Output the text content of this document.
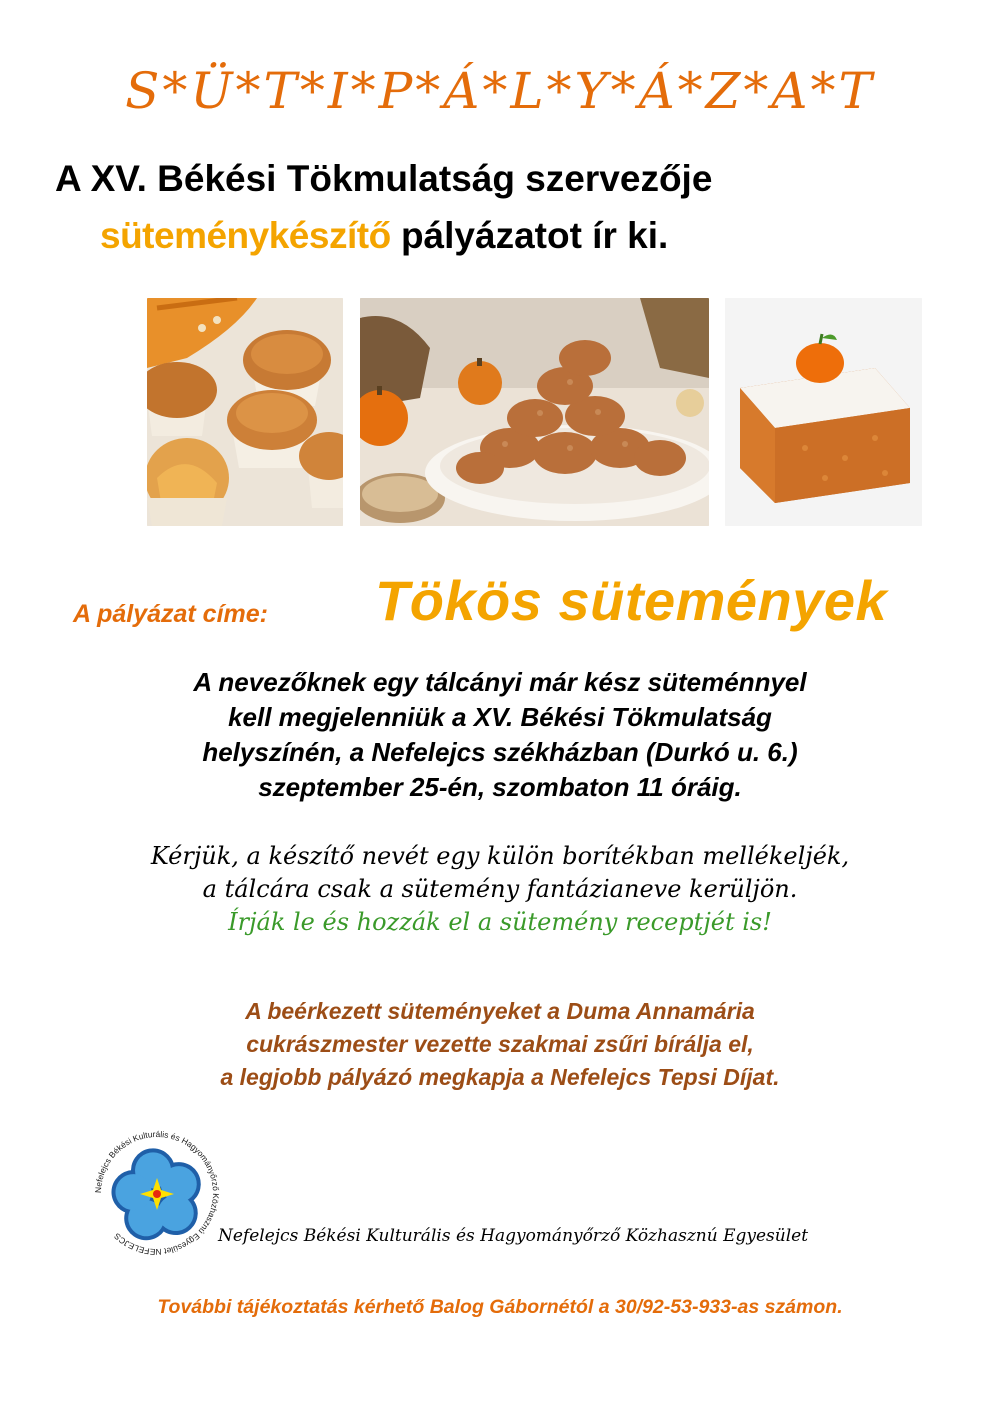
S*Ü*T*I*P*Á*L*Y*Á*Z*A*T
A XV. Békési Tökmulatság szervezője
süteménykészítő pályázatot ír ki.
A pályázat címe: Tökös sütemények
A nevezőknek egy tálcányi már kész süteménnyel
kell megjelenniük a XV. Békési Tökmulatság
helyszínén, a Nefelejcs székházban (Durkó u. 6.)
szeptember 25-én, szombaton 11 óráig.
Kérjük, a készítő nevét egy külön borítékban mellékeljék,
a tálcára csak a sütemény fantázianeve kerüljön.
Írják le és hozzák el a sütemény receptjét is!
A beérkezett süteményeket a Duma Annamária
cukrászmester vezette szakmai zsűri bírálja el,
a legjobb pályázó megkapja a Nefelejcs Tepsi Díjat.
Nefelejcs Békési Kulturális és Hagyományőrző Közhasznú Egyesület NEFELEJCS	Nefelejcs Békési Kulturális és Hagyományőrző Közhasznú Egyesület
További tájékoztatás kérhető Balog Gábornétól a 30/92-53-933-as számon.
